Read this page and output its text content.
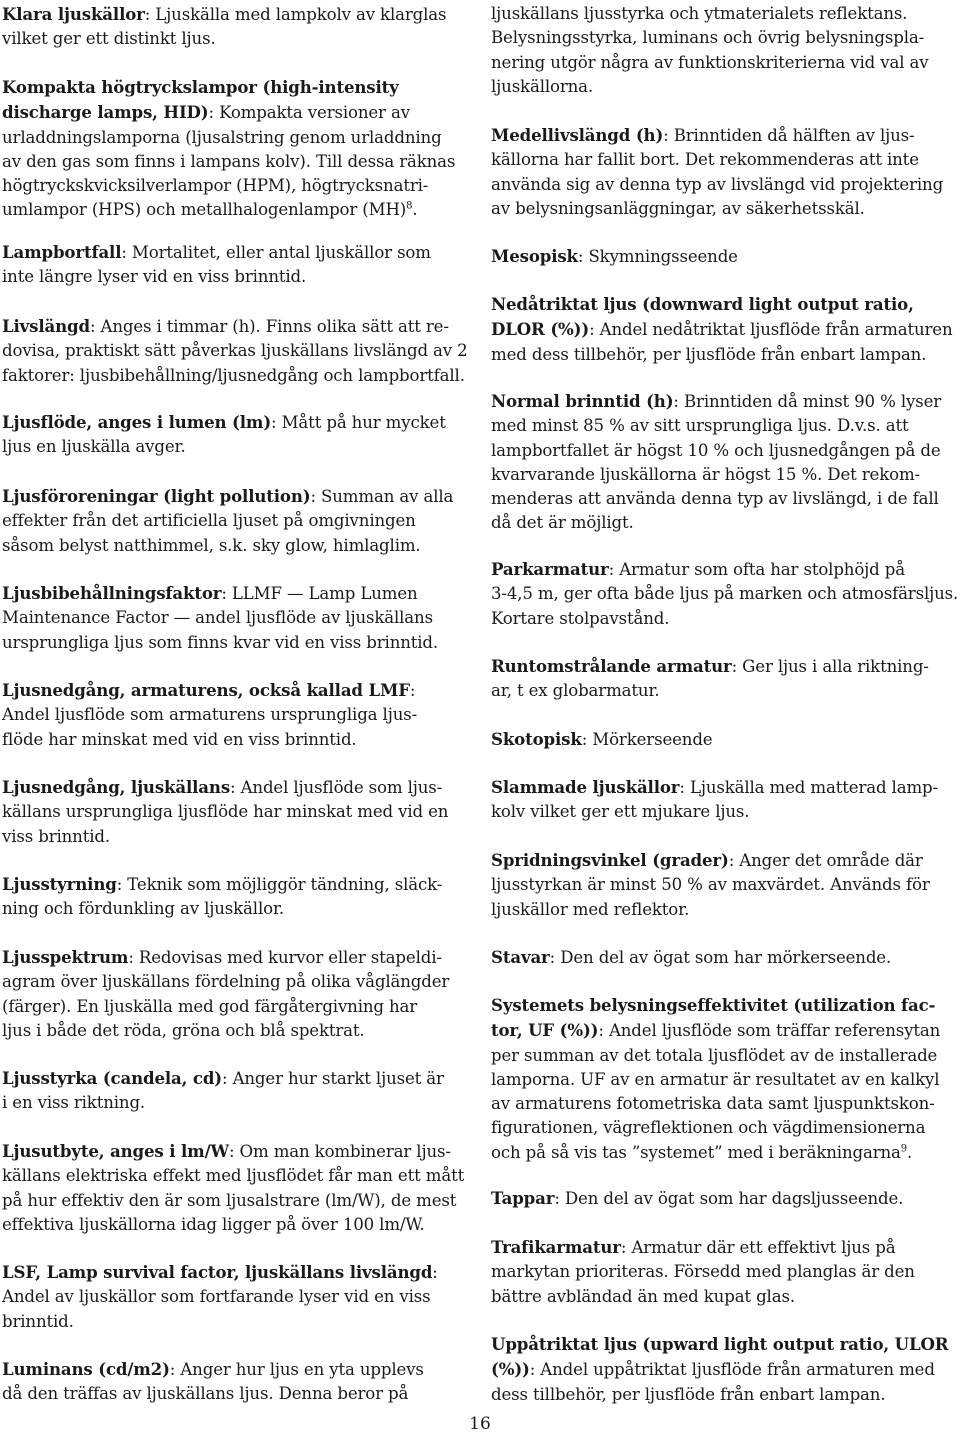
Klara ljuskällor: Ljuskälla med lampkolv av klarglas
vilket ger ett distinkt ljus.

Kompakta högtryckslampor (high-intensity
discharge lamps, HID): Kompakta versioner av
urladdningslamporna (ljusalstring genom urladdning
av den gas som finns i lampans kolv). Till dessa räknas
högtryckskvicksilverlampor (HPM), högtrycksnatri-
umlampor (HPS) och metallhalogenlampor (MH)$^8$.

Lampbortfall: Mortalitet, eller antal ljuskällor som
inte längre lyser vid en viss brinntid.

Livslängd: Anges i timmar (h). Finns olika sätt att re-
dovisa, praktiskt sätt påverkas ljuskällans livslängd av 2
faktorer: ljusbibehållning/ljusnedgång och lampbortfall.

Ljusflöde, anges i lumen (lm): Mått på hur mycket
ljus en ljuskälla avger.

Ljusföroreningar (light pollution): Summan av alla
effekter från det artificiella ljuset på omgivningen
såsom belyst natthimmel, s.k. sky glow, himlaglim.

Ljusbibehållningsfaktor: LLMF — Lamp Lumen
Maintenance Factor — andel ljusflöde av ljuskällans
ursprungliga ljus som finns kvar vid en viss brinntid.

Ljusnedgång, armaturens, också kallad LMF:
Andel ljusflöde som armaturens ursprungliga ljus-
flöde har minskat med vid en viss brinntid.

Ljusnedgång, ljuskällans: Andel ljusflöde som ljus-
källans ursprungliga ljusflöde har minskat med vid en
viss brinntid.

Ljusstyrning: Teknik som möjliggör tändning, släck-
ning och fördunkling av ljuskällor.

Ljusspektrum: Redovisas med kurvor eller stapeldi-
agram över ljuskällans fördelning på olika våglängder
(färger). En ljuskälla med god färgåtergivning har
ljus i både det röda, gröna och blå spektrat.

Ljusstyrka (candela, cd): Anger hur starkt ljuset är
i en viss riktning.

Ljusutbyte, anges i lm/W: Om man kombinerar ljus-
källans elektriska effekt med ljusflödet får man ett mått
på hur effektiv den är som ljusalstrare (lm/W), de mest
effektiva ljuskällorna idag ligger på över 100 lm/W.

LSF, Lamp survival factor, ljuskällans livslängd:
Andel av ljuskällor som fortfarande lyser vid en viss
brinntid.

Luminans (cd/m2): Anger hur ljus en yta upplevs
då den träffas av ljuskällans ljus. Denna beror på

ljuskällans ljusstyrka och ytmaterialets reflektans.
Belysningsstyrka, luminans och övrig belysningspla-
nering utgör några av funktionskriterierna vid val av
ljuskällorna.

Medellivslängd (h): Brinntiden då hälften av ljus-
källorna har fallit bort. Det rekommenderas att inte
använda sig av denna typ av livslängd vid projektering
av belysningsanläggningar, av säkerhetsskäl.

Mesopisk: Skymningsseende

Nedåtriktat ljus (downward light output ratio,
DLOR (%)): Andel nedåtriktat ljusflöde från armaturen
med dess tillbehör, per ljusflöde från enbart lampan.

Normal brinntid (h): Brinntiden då minst 90 % lyser
med minst 85 % av sitt ursprungliga ljus. D.v.s. att
lampbortfallet är högst 10 % och ljusnedgången på de
kvarvarande ljuskällorna är högst 15 %. Det rekom-
menderas att använda denna typ av livslängd, i de fall
då det är möjligt.

Parkarmatur: Armatur som ofta har stolphöjd på
3-4,5 m, ger ofta både ljus på marken och atmosfärsljus.
Kortare stolpavstånd.

Runtomstrålande armatur: Ger ljus i alla riktning-
ar, t ex globarmatur.

Skotopisk: Mörkerseende

Slammade ljuskällor: Ljuskälla med matterad lamp-
kolv vilket ger ett mjukare ljus.

Spridningsvinkel (grader): Anger det område där
ljusstyrkan är minst 50 % av maxvärdet. Används för
ljuskällor med reflektor.

Stavar: Den del av ögat som har mörkerseende.

Systemets belysningseffektivitet (utilization fac-
tor, UF (%)): Andel ljusflöde som träffar referensytan
per summan av det totala ljusflödet av de installerade
lamporna. UF av en armatur är resultatet av en kalkyl
av armaturens fotometriska data samt ljuspunktskon-
figurationen, vägreflektionen och vägdimensionerna
och på så vis tas ”systemet” med i beräkningarna$^9$.

Tappar: Den del av ögat som har dagsljusseende.

Trafikarmatur: Armatur där ett effektivt ljus på
markytan prioriteras. Försedd med planglas är den
bättre avbländad än med kupat glas.

Uppåtriktat ljus (upward light output ratio, ULOR
(%)): Andel uppåtriktat ljusflöde från armaturen med
dess tillbehör, per ljusflöde från enbart lampan.

16
